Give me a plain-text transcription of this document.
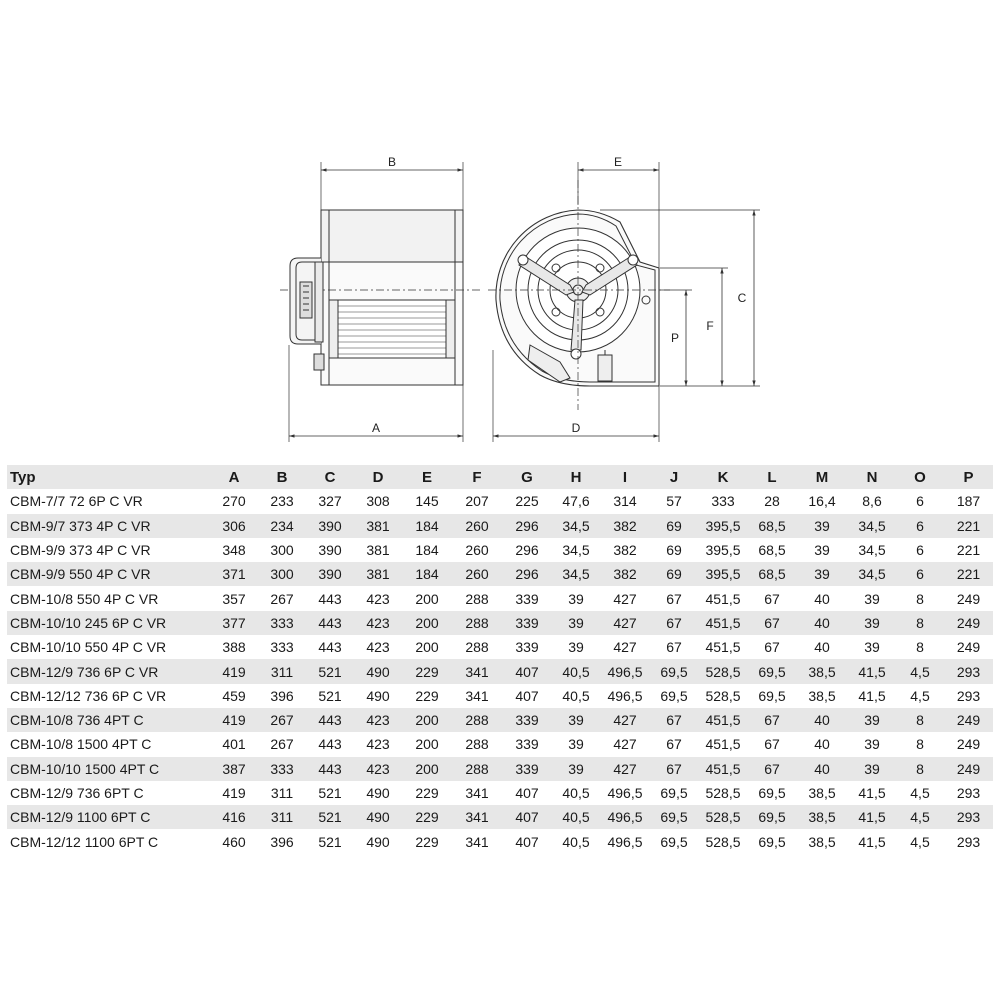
B
A
E
D
C
F
P
Typ	A	B	C	D	E	F	G	H	I	J	K	L	M	N	O	P
CBM-7/7 72 6P C VR	270	233	327	308	145	207	225	47,6	314	57	333	28	16,4	8,6	6	187
CBM-9/7 373 4P C VR	306	234	390	381	184	260	296	34,5	382	69	395,5	68,5	39	34,5	6	221
CBM-9/9 373 4P C VR	348	300	390	381	184	260	296	34,5	382	69	395,5	68,5	39	34,5	6	221
CBM-9/9 550 4P C VR	371	300	390	381	184	260	296	34,5	382	69	395,5	68,5	39	34,5	6	221
CBM-10/8 550 4P C VR	357	267	443	423	200	288	339	39	427	67	451,5	67	40	39	8	249
CBM-10/10 245 6P C VR	377	333	443	423	200	288	339	39	427	67	451,5	67	40	39	8	249
CBM-10/10 550 4P C VR	388	333	443	423	200	288	339	39	427	67	451,5	67	40	39	8	249
CBM-12/9 736 6P C VR	419	311	521	490	229	341	407	40,5	496,5	69,5	528,5	69,5	38,5	41,5	4,5	293
CBM-12/12 736 6P C VR	459	396	521	490	229	341	407	40,5	496,5	69,5	528,5	69,5	38,5	41,5	4,5	293
CBM-10/8 736 4PT C	419	267	443	423	200	288	339	39	427	67	451,5	67	40	39	8	249
CBM-10/8 1500 4PT C	401	267	443	423	200	288	339	39	427	67	451,5	67	40	39	8	249
CBM-10/10 1500 4PT C	387	333	443	423	200	288	339	39	427	67	451,5	67	40	39	8	249
CBM-12/9 736 6PT C	419	311	521	490	229	341	407	40,5	496,5	69,5	528,5	69,5	38,5	41,5	4,5	293
CBM-12/9 1100 6PT C	416	311	521	490	229	341	407	40,5	496,5	69,5	528,5	69,5	38,5	41,5	4,5	293
CBM-12/12 1100 6PT C	460	396	521	490	229	341	407	40,5	496,5	69,5	528,5	69,5	38,5	41,5	4,5	293
